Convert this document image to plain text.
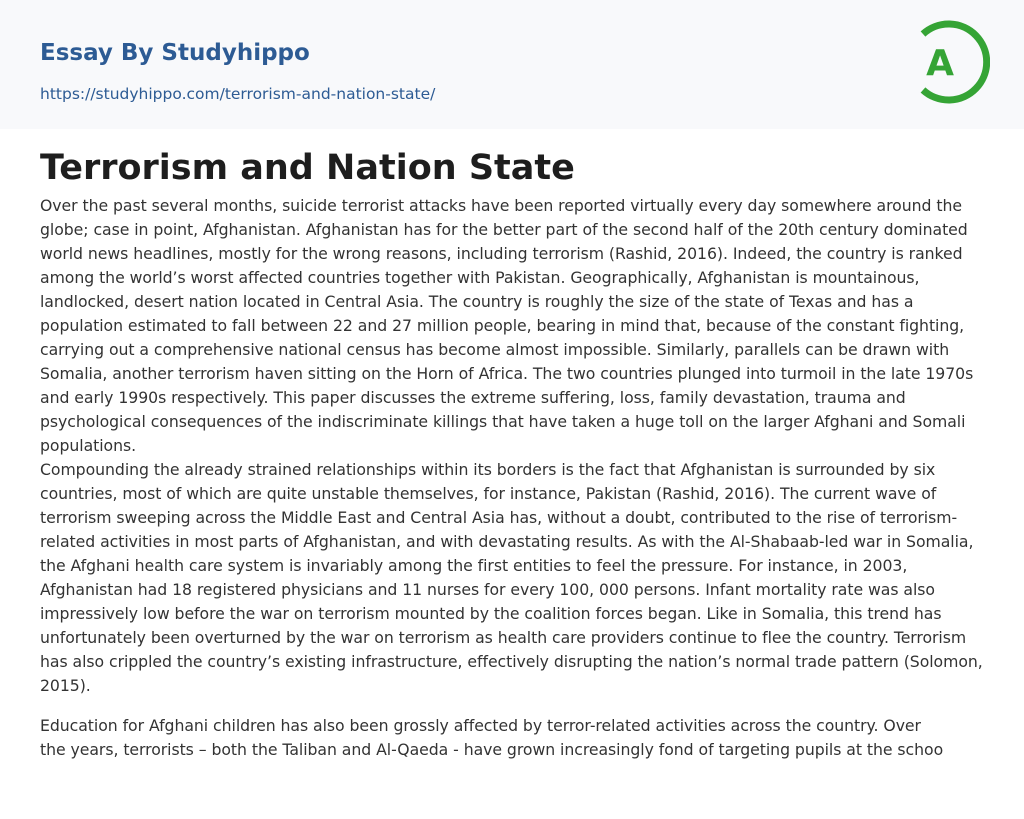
Essay By Studyhippo
https://studyhippo.com/terrorism-and-nation-state/
A
Terrorism and Nation State

Over the past several months, suicide terrorist attacks have been reported virtually every day somewhere around the globe; case in point, Afghanistan. Afghanistan has for the better part of the second half of the 20th century dominated world news headlines, mostly for the wrong reasons, including terrorism (Rashid, 2016). Indeed, the country is ranked among the world’s worst affected countries together with Pakistan. Geographically, Afghanistan is mountainous, landlocked, desert nation located in Central Asia. The country is roughly the size of the state of Texas and has a population estimated to fall between 22 and 27 million people, bearing in mind that, because of the constant fighting, carrying out a comprehensive national census has become almost impossible. Similarly, parallels can be drawn with Somalia, another terrorism haven sitting on the Horn of Africa. The two countries plunged into turmoil in the late 1970s and early 1990s respectively. This paper discusses the extreme suffering, loss, family devastation, trauma and psychological consequences of the indiscriminate killings that have taken a huge toll on the larger Afghani and Somali populations.

Compounding the already strained relationships within its borders is the fact that Afghanistan is surrounded by six countries, most of which are quite unstable themselves, for instance, Pakistan (Rashid, 2016). The current wave of terrorism sweeping across the Middle East and Central Asia has, without a doubt, contributed to the rise of terrorism-related activities in most parts of Afghanistan, and with devastating results. As with the Al-Shabaab-led war in Somalia, the Afghani health care system is invariably among the first entities to feel the pressure. For instance, in 2003, Afghanistan had 18 registered physicians and 11 nurses for every 100, 000 persons. Infant mortality rate was also impressively low before the war on terrorism mounted by the coalition forces began. Like in Somalia, this trend has unfortunately been overturned by the war on terrorism as health care providers continue to flee the country. Terrorism has also crippled the country’s existing infrastructure, effectively disrupting the nation’s normal trade pattern (Solomon, 2015).

Education for Afghani children has also been grossly affected by terror-related activities across the country. Over
the years, terrorists – both the Taliban and Al-Qaeda - have grown increasingly fond of targeting pupils at the schoo
